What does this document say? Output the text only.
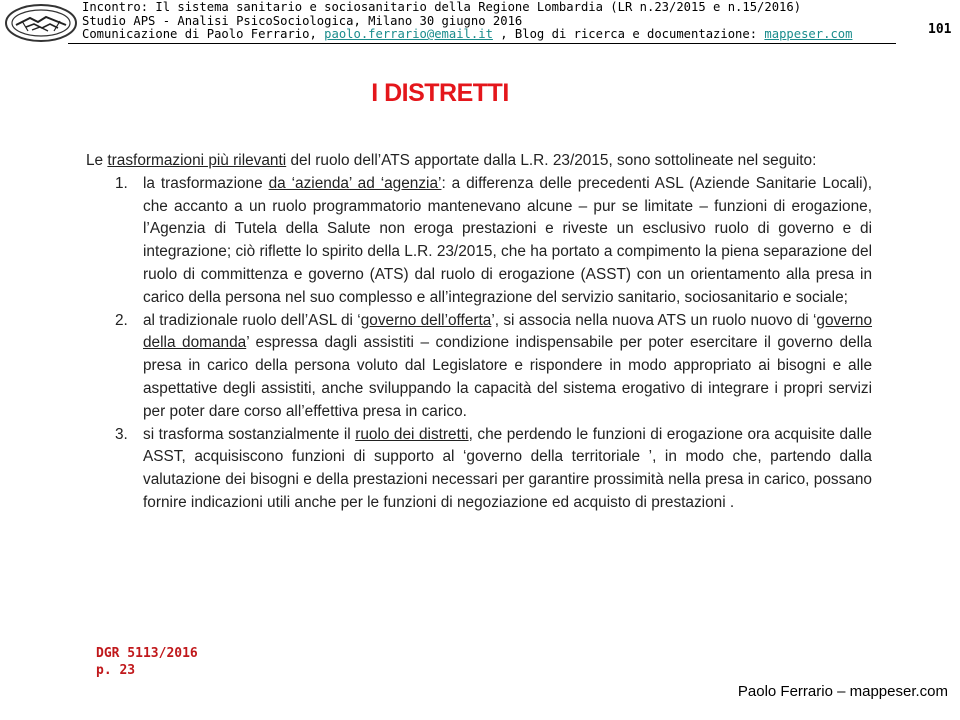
Incontro: Il sistema sanitario e sociosanitario della Regione Lombardia (LR n.23/2015 e n.15/2016)
Studio APS - Analisi PsicoSociologica, Milano 30 giugno 2016
Comunicazione di Paolo Ferrario, paolo.ferrario@email.it , Blog di ricerca e documentazione: mappeser.com	101
I DISTRETTI

Le trasformazioni più rilevanti del ruolo dell’ATS apportate dalla L.R. 23/2015, sono sottolineate nel seguito:

1. la trasformazione da ‘azienda’ ad ‘agenzia’: a differenza delle precedenti ASL (Aziende Sanitarie Locali), che accanto a un ruolo programmatorio mantenevano alcune – pur se limitate – funzioni di erogazione, l’Agenzia di Tutela della Salute non eroga prestazioni e riveste un esclusivo ruolo di governo e di integrazione; ciò riflette lo spirito della L.R. 23/2015, che ha portato a compimento la piena separazione del ruolo di committenza e governo (ATS) dal ruolo di erogazione (ASST) con un orientamento alla presa in carico della persona nel suo complesso e all’integrazione del servizio sanitario, sociosanitario e sociale;
2. al tradizionale ruolo dell’ASL di ‘governo dell’offerta’, si associa nella nuova ATS un ruolo nuovo di ‘governo della domanda’ espressa dagli assistiti – condizione indispensabile per poter esercitare il governo della presa in carico della persona voluto dal Legislatore e rispondere in modo appropriato ai bisogni e alle aspettative degli assistiti, anche sviluppando la capacità del sistema erogativo di integrare i propri servizi per poter dare corso all’effettiva presa in carico.
3. si trasforma sostanzialmente il ruolo dei distretti, che perdendo le funzioni di erogazione ora acquisite dalle ASST, acquisiscono funzioni di supporto al ‘governo della territoriale ’, in modo che, partendo dalla valutazione dei bisogni e della prestazioni necessari per garantire prossimità nella presa in carico, possano fornire indicazioni utili anche per le funzioni di negoziazione ed acquisto di prestazioni .
DGR 5113/2016
p. 23
Paolo Ferrario – mappeser.com
